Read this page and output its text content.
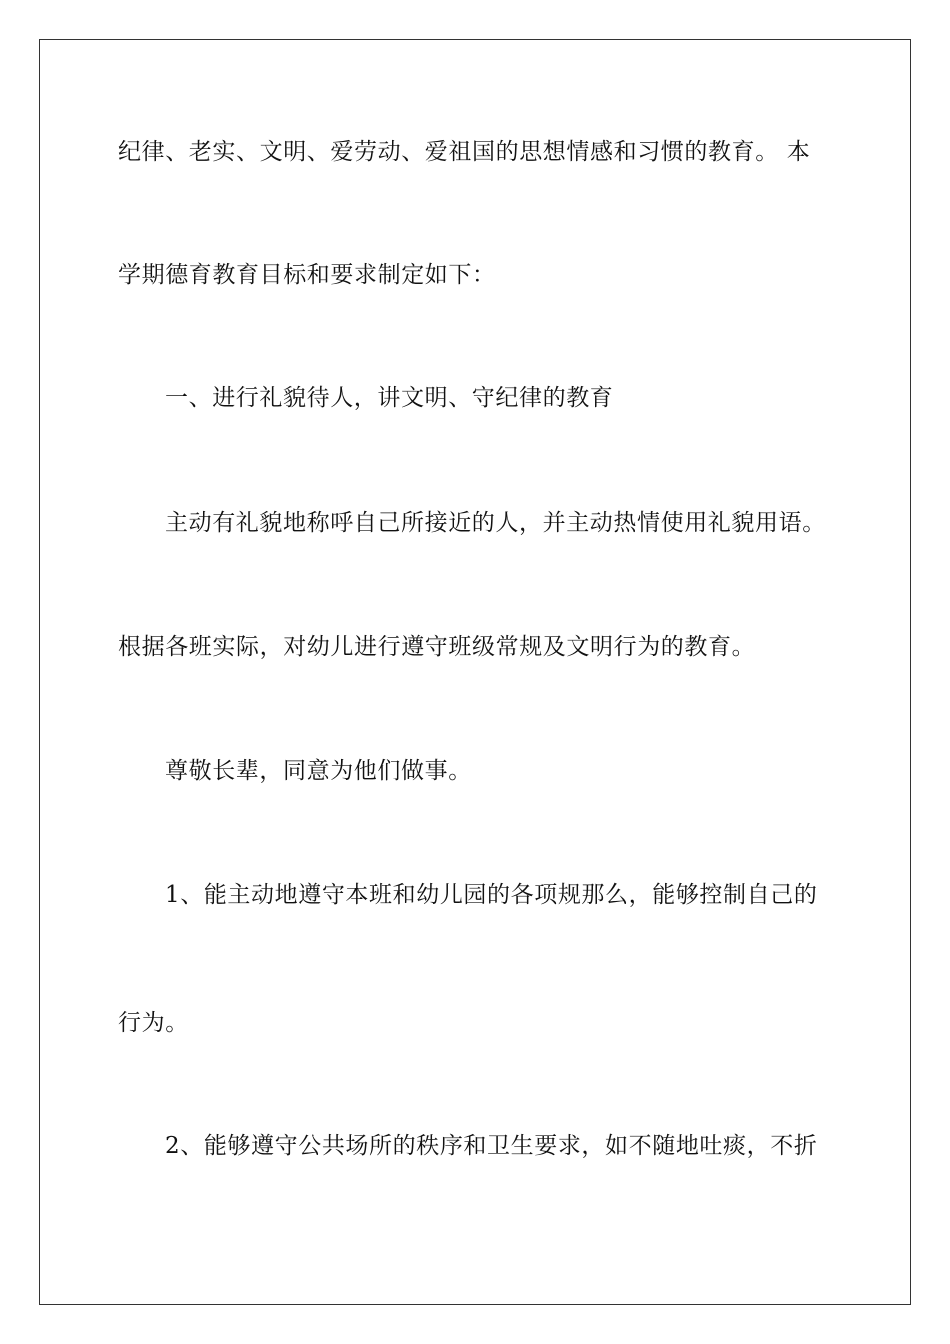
纪律、老实、文明、爱劳动、爱祖国的思想情感和习惯的教育。 本
学期德育教育目标和要求制定如下：
一、进行礼貌待人，讲文明、守纪律的教育
主动有礼貌地称呼自己所接近的人，并主动热情使用礼貌用语。
根据各班实际，对幼儿进行遵守班级常规及文明行为的教育。
尊敬长辈，同意为他们做事。
1、能主动地遵守本班和幼儿园的各项规那么，能够控制自己的
行为。
2、能够遵守公共场所的秩序和卫生要求，如不随地吐痰，不折
